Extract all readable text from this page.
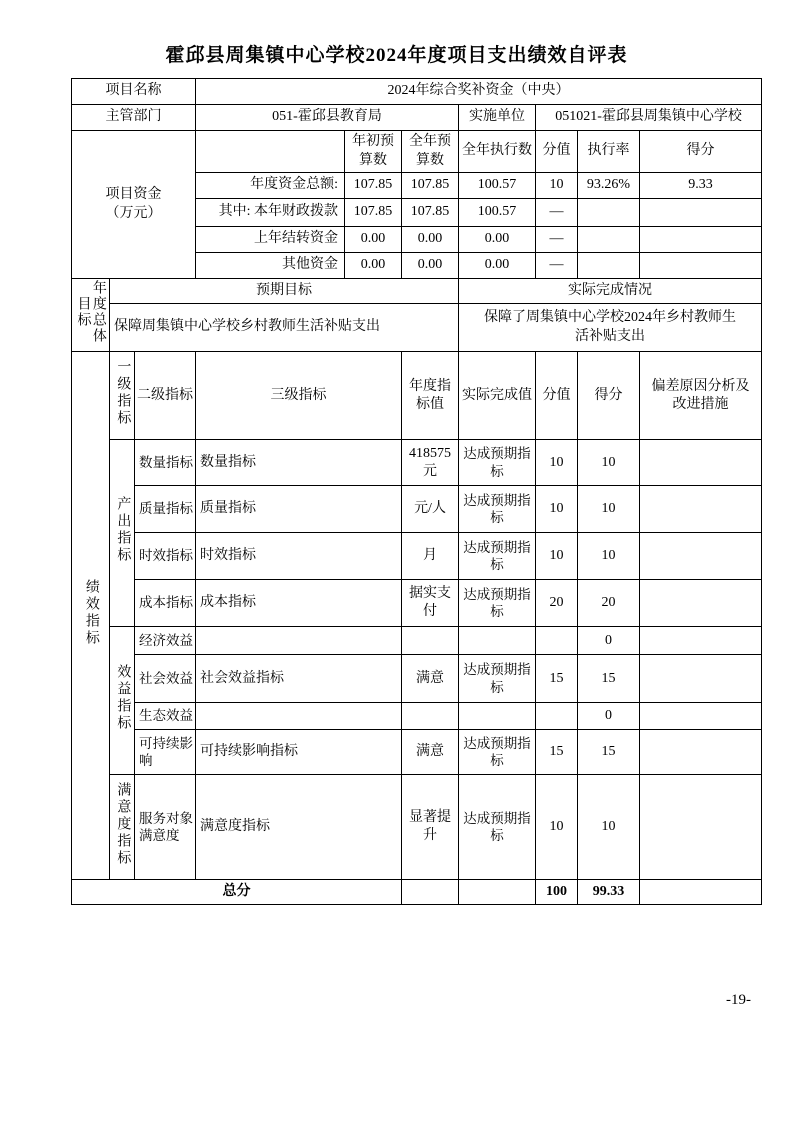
霍邱县周集镇中心学校2024年度项目支出绩效自评表
项目名称			2024年综合奖补资金（中央）						
主管部门			051-霍邱县教育局			实施单位	051021-霍邱县周集镇中心学校		
项目资金（万元）				年初预算数	全年预算数	全年执行数	分值	执行率	得分
			年度资金总额:	107.85	107.85	100.57	10	93.26%	9.33
			其中: 本年财政拨款	107.85	107.85	100.57	—		
			上年结转资金	0.00	0.00	0.00	—		
			其他资金	0.00	0.00	0.00	—		
年度总体目标	预期目标					实际完成情况			
	保障周集镇中心学校乡村教师生活补贴支出					保障了周集镇中心学校2024年乡村教师生活补贴支出			
绩效指标	一级指标	二级指标	三级指标		年度指标值	实际完成值	分值	得分	偏差原因分析及改进措施
	产出指标	数量指标	数量指标		418575元	达成预期指标	10	10	
		质量指标	质量指标		元/人	达成预期指标	10	10	
		时效指标	时效指标		月	达成预期指标	10	10	
		成本指标	成本指标		据实支付	达成预期指标	20	20	
	效益指标	经济效益						0	
		社会效益	社会效益指标		满意	达成预期指标	15	15	
		生态效益						0	
		可持续影响	可持续影响指标		满意	达成预期指标	15	15	
	满意度指标	服务对象满意度	满意度指标		显著提升	达成预期指标	10	10	
总分							100	99.33	
-19-
